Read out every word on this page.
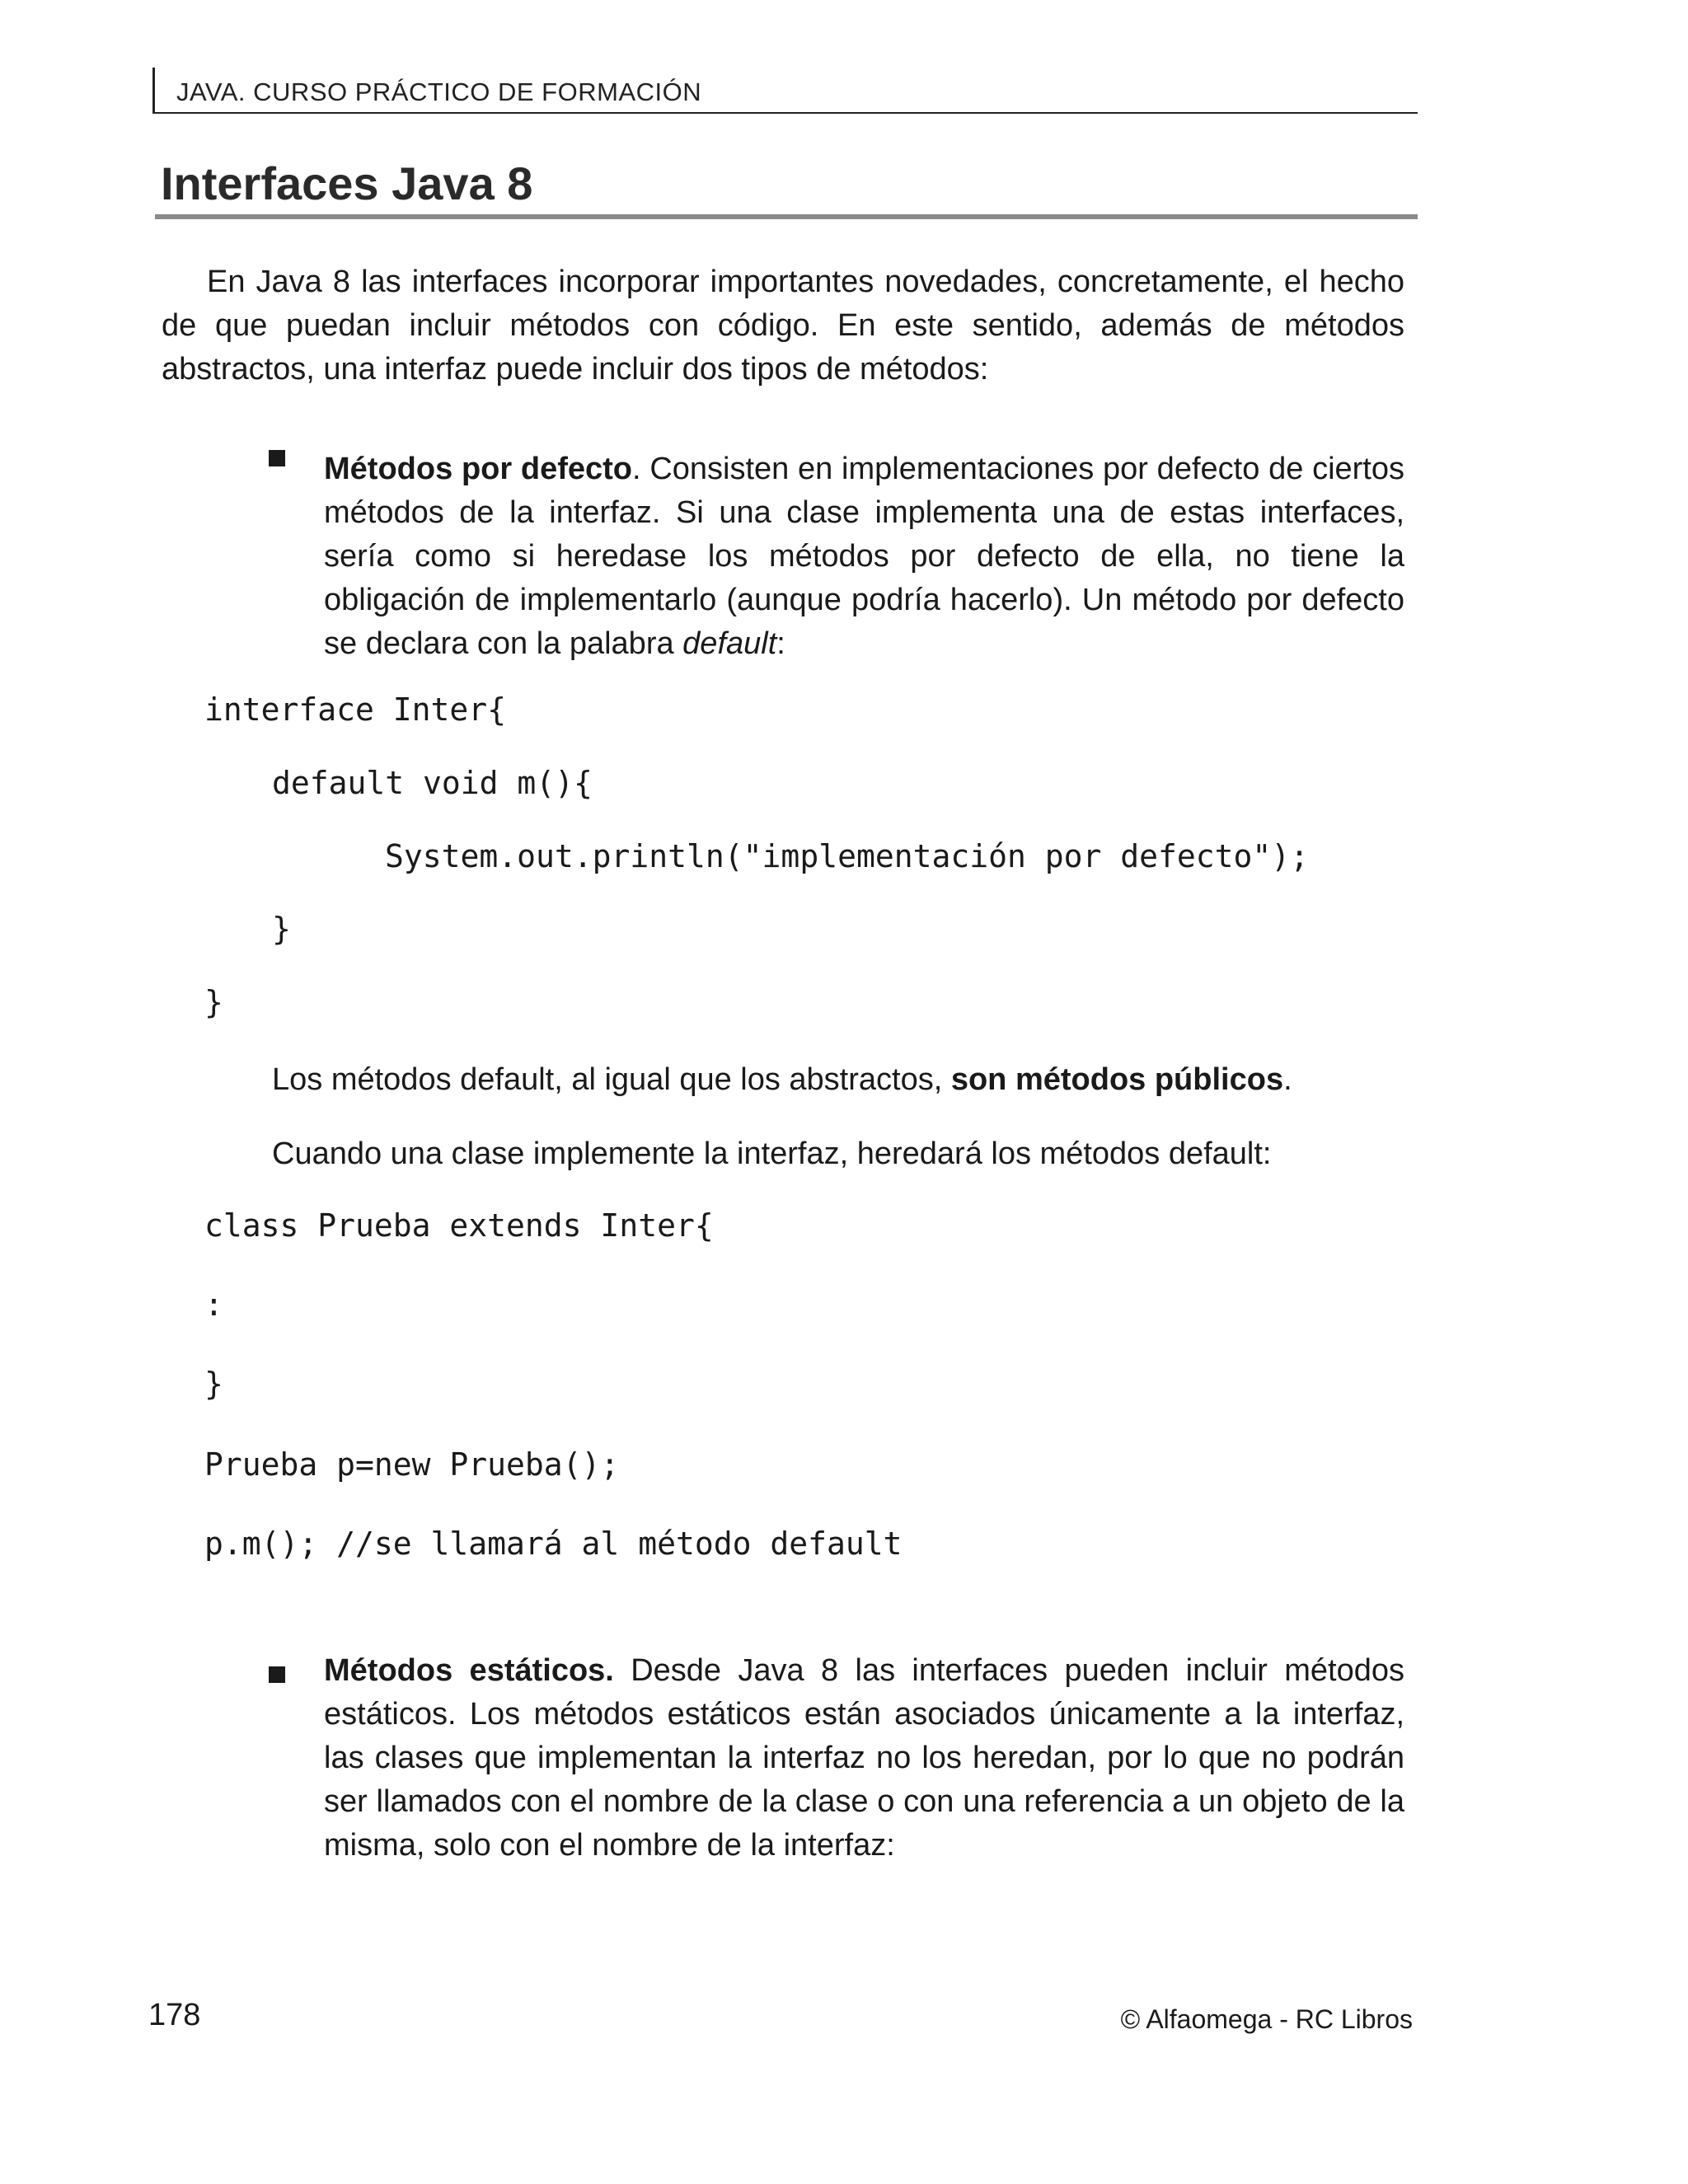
JAVA. CURSO PRÁCTICO DE FORMACIÓN
Interfaces Java 8

En Java 8 las interfaces incorporar importantes novedades, concretamente, el hecho de que puedan incluir métodos con código. En este sentido, además de métodos abstractos, una interfaz puede incluir dos tipos de métodos:

Métodos por defecto. Consisten en implementaciones por defecto de ciertos métodos de la interfaz. Si una clase implementa una de estas interfaces, sería como si heredase los métodos por defecto de ella, no tiene la obligación de implementarlo (aunque podría hacerlo). Un método por defecto se declara con la palabra default:

interface Inter{
default void m(){
System.out.println("implementación por defecto");
}
}

Los métodos default, al igual que los abstractos, son métodos públicos.

Cuando una clase implemente la interfaz, heredará los métodos default:

class Prueba extends Inter{
:
}
Prueba p=new Prueba();
p.m(); //se llamará al método default

Métodos estáticos. Desde Java 8 las interfaces pueden incluir métodos estáticos. Los métodos estáticos están asociados únicamente a la interfaz, las clases que implementan la interfaz no los heredan, por lo que no podrán ser llamados con el nombre de la clase o con una referencia a un objeto de la misma, solo con el nombre de la interfaz:

178	© Alfaomega - RC Libros
